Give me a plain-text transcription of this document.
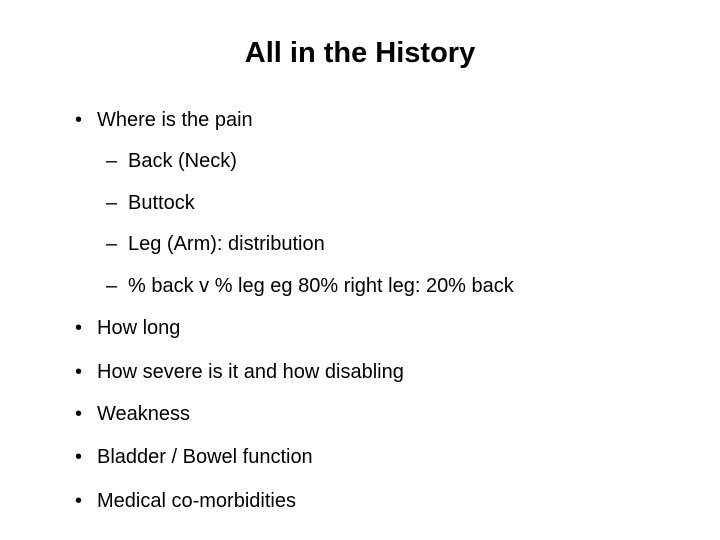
All in the History
• Where is the pain
– Back (Neck)
– Buttock
– Leg (Arm): distribution
– % back v % leg eg 80% right leg: 20% back
• How long
• How severe is it and how disabling
• Weakness
• Bladder / Bowel function
• Medical co-morbidities
